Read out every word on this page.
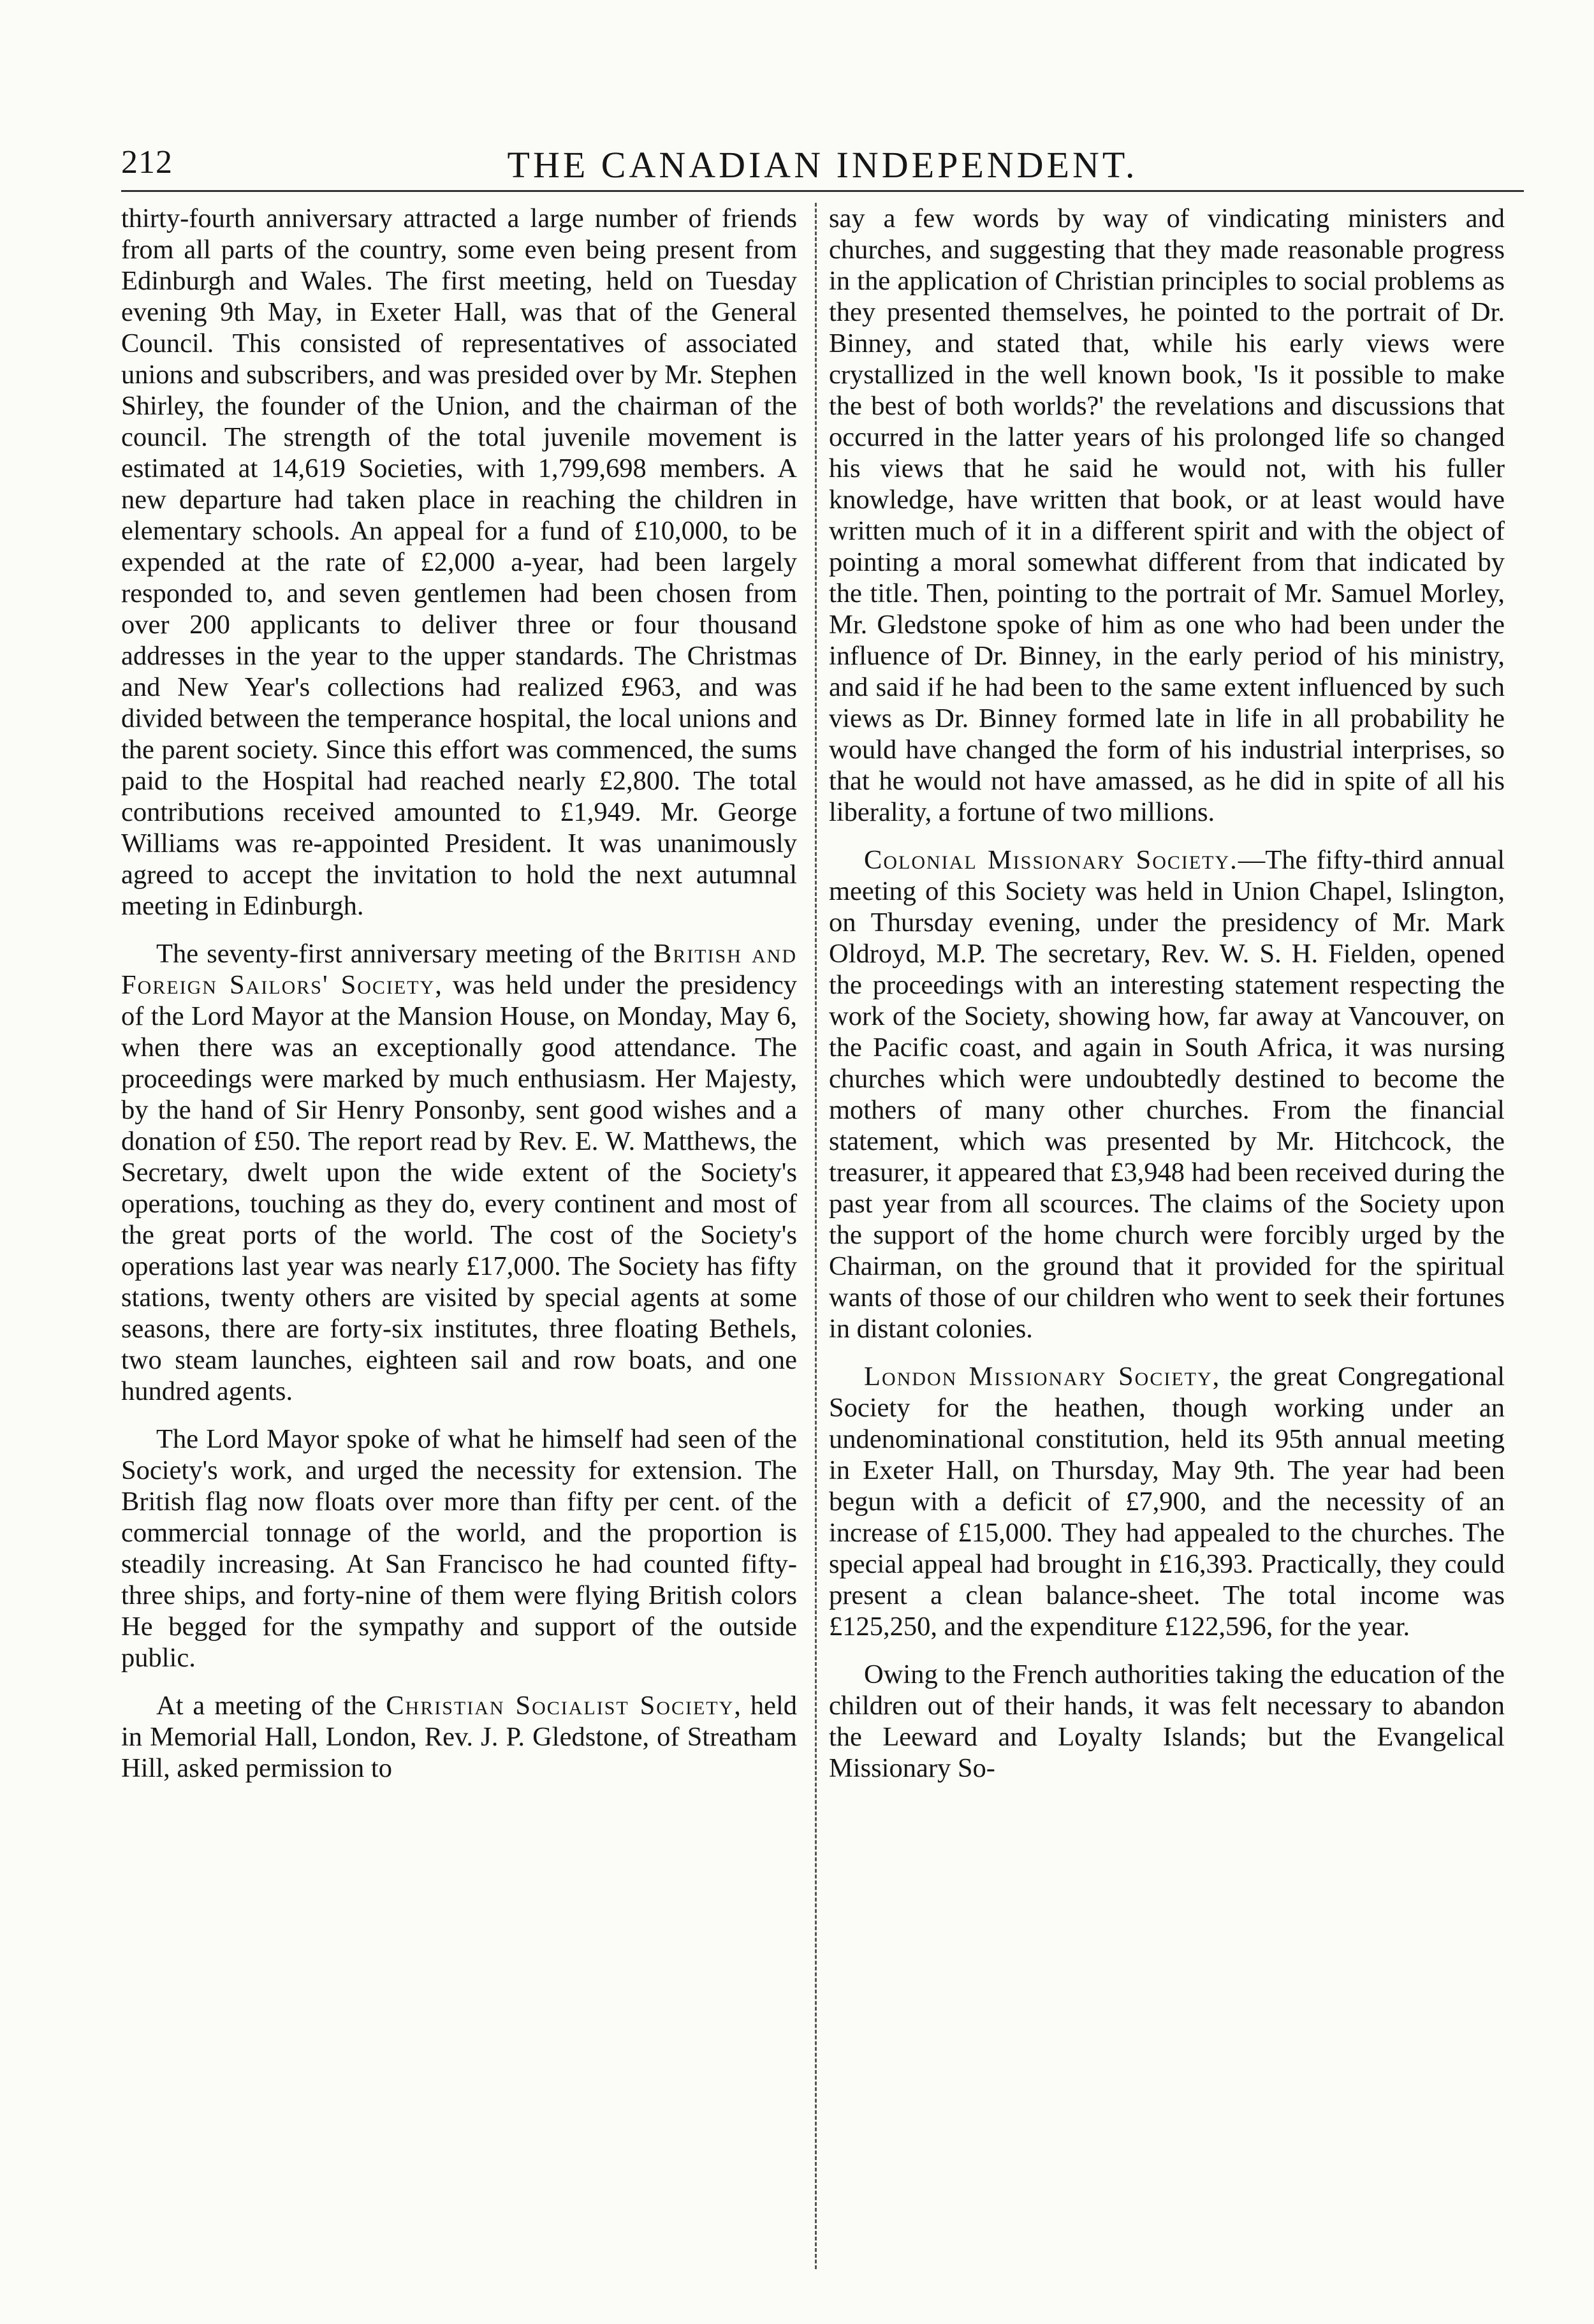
212	THE CANADIAN INDEPENDENT.

thirty-fourth anniversary attracted a large number of friends from all parts of the country, some even being present from Edinburgh and Wales. The first meeting, held on Tuesday evening 9th May, in Exeter Hall, was that of the General Council. This consisted of representatives of associated unions and subscribers, and was presided over by Mr. Stephen Shirley, the founder of the Union, and the chairman of the council. The strength of the total juvenile movement is estimated at 14,619 Societies, with 1,799,698 members. A new departure had taken place in reaching the children in elementary schools. An appeal for a fund of £10,000, to be expended at the rate of £2,000 a-year, had been largely responded to, and seven gentlemen had been chosen from over 200 applicants to deliver three or four thousand addresses in the year to the upper standards. The Christmas and New Year's collections had realized £963, and was divided between the temperance hospital, the local unions and the parent society. Since this effort was commenced, the sums paid to the Hospital had reached nearly £2,800. The total contributions received amounted to £1,949. Mr. George Williams was re-appointed President. It was unanimously agreed to accept the invitation to hold the next autumnal meeting in Edinburgh.

The seventy-first anniversary meeting of the British and Foreign Sailors' Society, was held under the presidency of the Lord Mayor at the Mansion House, on Monday, May 6, when there was an exceptionally good attendance. The proceedings were marked by much enthusiasm. Her Majesty, by the hand of Sir Henry Ponsonby, sent good wishes and a donation of £50. The report read by Rev. E. W. Matthews, the Secretary, dwelt upon the wide extent of the Society's operations, touching as they do, every continent and most of the great ports of the world. The cost of the Society's operations last year was nearly £17,000. The Society has fifty stations, twenty others are visited by special agents at some seasons, there are forty-six institutes, three floating Bethels, two steam launches, eighteen sail and row boats, and one hundred agents.

The Lord Mayor spoke of what he himself had seen of the Society's work, and urged the necessity for extension. The British flag now floats over more than fifty per cent. of the commercial tonnage of the world, and the proportion is steadily increasing. At San Francisco he had counted fifty-three ships, and forty-nine of them were flying British colors He begged for the sympathy and support of the outside public.

At a meeting of the Christian Socialist Society, held in Memorial Hall, London, Rev. J. P. Gledstone, of Streatham Hill, asked permission to

say a few words by way of vindicating ministers and churches, and suggesting that they made reasonable progress in the application of Christian principles to social problems as they presented themselves, he pointed to the portrait of Dr. Binney, and stated that, while his early views were crystallized in the well known book, 'Is it possible to make the best of both worlds?' the revelations and discussions that occurred in the latter years of his prolonged life so changed his views that he said he would not, with his fuller knowledge, have written that book, or at least would have written much of it in a different spirit and with the object of pointing a moral somewhat different from that indicated by the title. Then, pointing to the portrait of Mr. Samuel Morley, Mr. Gledstone spoke of him as one who had been under the influence of Dr. Binney, in the early period of his ministry, and said if he had been to the same extent influenced by such views as Dr. Binney formed late in life in all probability he would have changed the form of his industrial interprises, so that he would not have amassed, as he did in spite of all his liberality, a fortune of two millions.

Colonial Missionary Society.—The fifty-third annual meeting of this Society was held in Union Chapel, Islington, on Thursday evening, under the presidency of Mr. Mark Oldroyd, M.P. The secretary, Rev. W. S. H. Fielden, opened the proceedings with an interesting statement respecting the work of the Society, showing how, far away at Vancouver, on the Pacific coast, and again in South Africa, it was nursing churches which were undoubtedly destined to become the mothers of many other churches. From the financial statement, which was presented by Mr. Hitchcock, the treasurer, it appeared that £3,948 had been received during the past year from all scources. The claims of the Society upon the support of the home church were forcibly urged by the Chairman, on the ground that it provided for the spiritual wants of those of our children who went to seek their fortunes in distant colonies.

London Missionary Society, the great Congregational Society for the heathen, though working under an undenominational constitution, held its 95th annual meeting in Exeter Hall, on Thursday, May 9th. The year had been begun with a deficit of £7,900, and the necessity of an increase of £15,000. They had appealed to the churches. The special appeal had brought in £16,393. Practically, they could present a clean balance-sheet. The total income was £125,250, and the expenditure £122,596, for the year.

Owing to the French authorities taking the education of the children out of their hands, it was felt necessary to abandon the Leeward and Loyalty Islands; but the Evangelical Missionary So-
